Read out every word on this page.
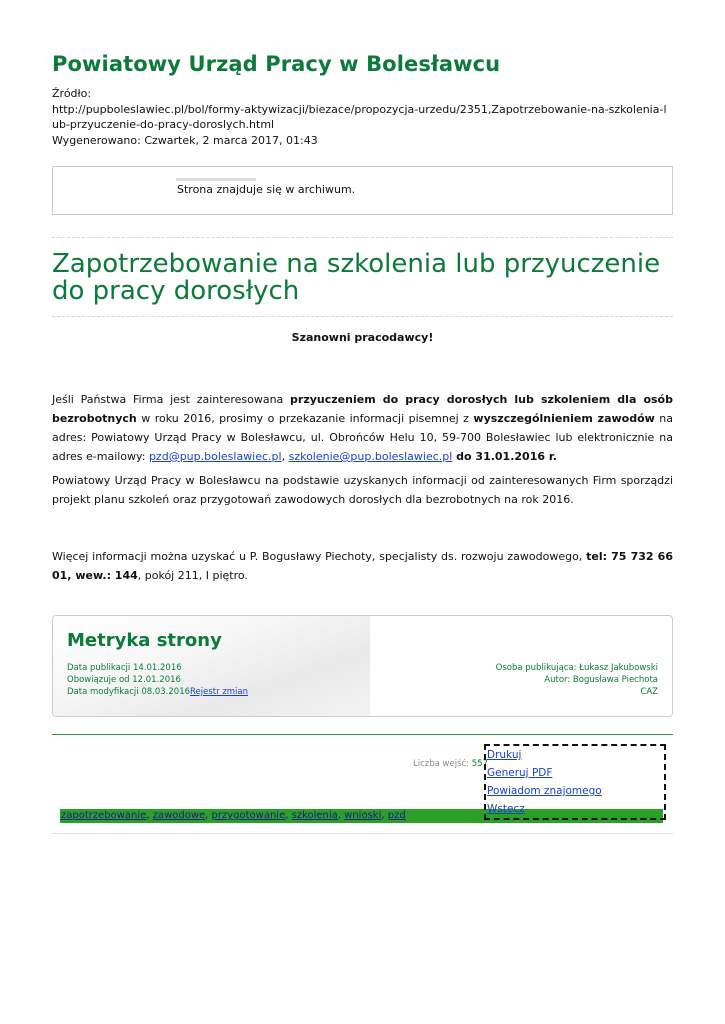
Powiatowy Urząd Pracy w Bolesławcu
Źródło:
http://pupboleslawiec.pl/bol/formy-aktywizacji/biezace/propozycja-urzedu/2351,Zapotrzebowanie-na-szkolenia-lub-przyuczenie-do-pracy-doroslych.html
Wygenerowano: Czwartek, 2 marca 2017, 01:43
Strona znajduje się w archiwum.
Zapotrzebowanie na szkolenia lub przyuczenie do pracy dorosłych
Szanowni pracodawcy!
Jeśli Państwa Firma jest zainteresowana przyuczeniem do pracy dorosłych lub szkoleniem dla osób bezrobotnych w roku 2016, prosimy o przekazanie informacji pisemnej z wyszczególnieniem zawodów na adres: Powiatowy Urząd Pracy w Bolesławcu, ul. Obrońców Helu 10, 59-700 Bolesławiec lub elektronicznie na adres e-mailowy: pzd@pup.boleslawiec.pl, szkolenie@pup.boleslawiec.pl do 31.01.2016 r.
Powiatowy Urząd Pracy w Bolesławcu na podstawie uzyskanych informacji od zainteresowanych Firm sporządzi projekt planu szkoleń oraz przygotowań zawodowych dorosłych dla bezrobotnych na rok 2016.
Więcej informacji można uzyskać u P. Bogusławy Piechoty, specjalisty ds. rozwoju zawodowego, tel: 75 732 66 01, wew.: 144, pokój 211, I piętro.
Metryka strony
Data publikacji 14.01.2016
Obowiązuje od 12.01.2016
Data modyfikacji 08.03.2016Rejestr zmian
Osoba publikująca: Łukasz Jakubowski
Autor: Bogusława Piechota
CAZ
Liczba wejść: 557
zapotrzebowanie, zawodowe, przygotowanie, szkolenia, wnioski, pzd
Drukuj
Generuj PDF
Powiadom znajomego
Wstecz
